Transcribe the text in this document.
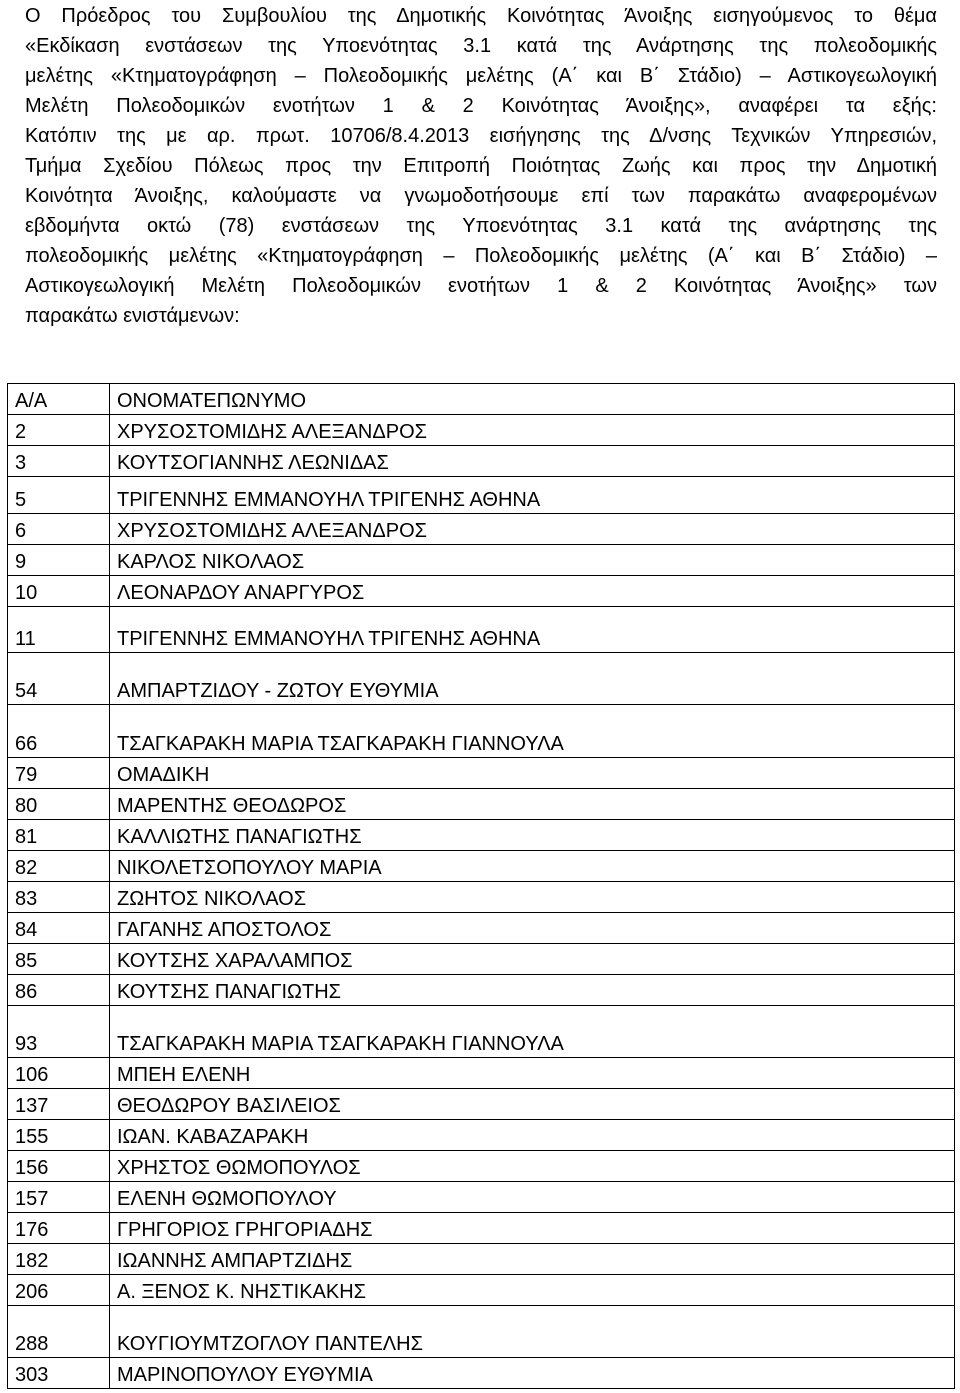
Ο Πρόεδρος του Συμβουλίου της Δημοτικής Κοινότητας Άνοιξης εισηγούμενος το θέμα

«Εκδίκαση ενστάσεων της Υποενότητας 3.1 κατά της Ανάρτησης της πολεοδομικής

μελέτης «Κτηματογράφηση – Πολεοδομικής μελέτης (Α΄ και Β΄ Στάδιο) – Αστικογεωλογική

Μελέτη Πολεοδομικών ενοτήτων 1 & 2 Κοινότητας Άνοιξης», αναφέρει τα εξής:

Κατόπιν της με αρ. πρωτ. 10706/8.4.2013 εισήγησης της Δ/νσης Τεχνικών Υπηρεσιών,

Τμήμα Σχεδίου Πόλεως προς την Επιτροπή Ποιότητας Ζωής και προς την Δημοτική

Κοινότητα Άνοιξης, καλούμαστε να γνωμοδοτήσουμε επί των παρακάτω αναφερομένων

εβδομήντα οκτώ (78) ενστάσεων της Υποενότητας 3.1 κατά της ανάρτησης της

πολεοδομικής μελέτης «Κτηματογράφηση – Πολεοδομικής μελέτης (Α΄ και Β΄ Στάδιο) –

Αστικογεωλογική Μελέτη Πολεοδομικών ενοτήτων 1 & 2 Κοινότητας Άνοιξης» των

παρακάτω ενιστάμενων:

Α/Α	ΟΝΟΜΑΤΕΠΩΝΥΜΟ
2	ΧΡΥΣΟΣΤΟΜΙΔΗΣ ΑΛΕΞΑΝΔΡΟΣ
3	ΚΟΥΤΣΟΓΙΑΝΝΗΣ ΛΕΩΝΙΔΑΣ
5	ΤΡΙΓΕΝΝΗΣ ΕΜΜΑΝΟΥΗΛ ΤΡΙΓΕΝΗΣ ΑΘΗΝΑ
6	ΧΡΥΣΟΣΤΟΜΙΔΗΣ ΑΛΕΞΑΝΔΡΟΣ
9	ΚΑΡΛΟΣ ΝΙΚΟΛΑΟΣ
10	ΛΕΟΝΑΡΔΟΥ ΑΝΑΡΓΥΡΟΣ
11	ΤΡΙΓΕΝΝΗΣ ΕΜΜΑΝΟΥΗΛ ΤΡΙΓΕΝΗΣ ΑΘΗΝΑ
54	ΑΜΠΑΡΤΖΙΔΟΥ - ΖΩΤΟΥ ΕΥΘΥΜΙΑ
66	ΤΣΑΓΚΑΡΑΚΗ ΜΑΡΙΑ ΤΣΑΓΚΑΡΑΚΗ ΓΙΑΝΝΟΥΛΑ
79	ΟΜΑΔΙΚΗ
80	ΜΑΡΕΝΤΗΣ ΘΕΟΔΩΡΟΣ
81	ΚΑΛΛΙΩΤΗΣ ΠΑΝΑΓΙΩΤΗΣ
82	ΝΙΚΟΛΕΤΣΟΠΟΥΛΟΥ ΜΑΡΙΑ
83	ΖΩΗΤΟΣ ΝΙΚΟΛΑΟΣ
84	ΓΑΓΑΝΗΣ ΑΠΟΣΤΟΛΟΣ
85	ΚΟΥΤΣΗΣ ΧΑΡΑΛΑΜΠΟΣ
86	ΚΟΥΤΣΗΣ ΠΑΝΑΓΙΩΤΗΣ
93	ΤΣΑΓΚΑΡΑΚΗ ΜΑΡΙΑ ΤΣΑΓΚΑΡΑΚΗ ΓΙΑΝΝΟΥΛΑ
106	ΜΠΕΗ ΕΛΕΝΗ
137	ΘΕΟΔΩΡΟΥ ΒΑΣΙΛΕΙΟΣ
155	ΙΩΑΝ. ΚΑΒΑΖΑΡΑΚΗ
156	ΧΡΗΣΤΟΣ ΘΩΜΟΠΟΥΛΟΣ
157	ΕΛΕΝΗ ΘΩΜΟΠΟΥΛΟΥ
176	ΓΡΗΓΟΡΙΟΣ ΓΡΗΓΟΡΙΑΔΗΣ
182	ΙΩΑΝΝΗΣ ΑΜΠΑΡΤΖΙΔΗΣ
206	Α. ΞΕΝΟΣ Κ. ΝΗΣΤΙΚΑΚΗΣ
288	ΚΟΥΓΙΟΥΜΤΖΟΓΛΟΥ ΠΑΝΤΕΛΗΣ
303	ΜΑΡΙΝΟΠΟΥΛΟΥ ΕΥΘΥΜΙΑ
